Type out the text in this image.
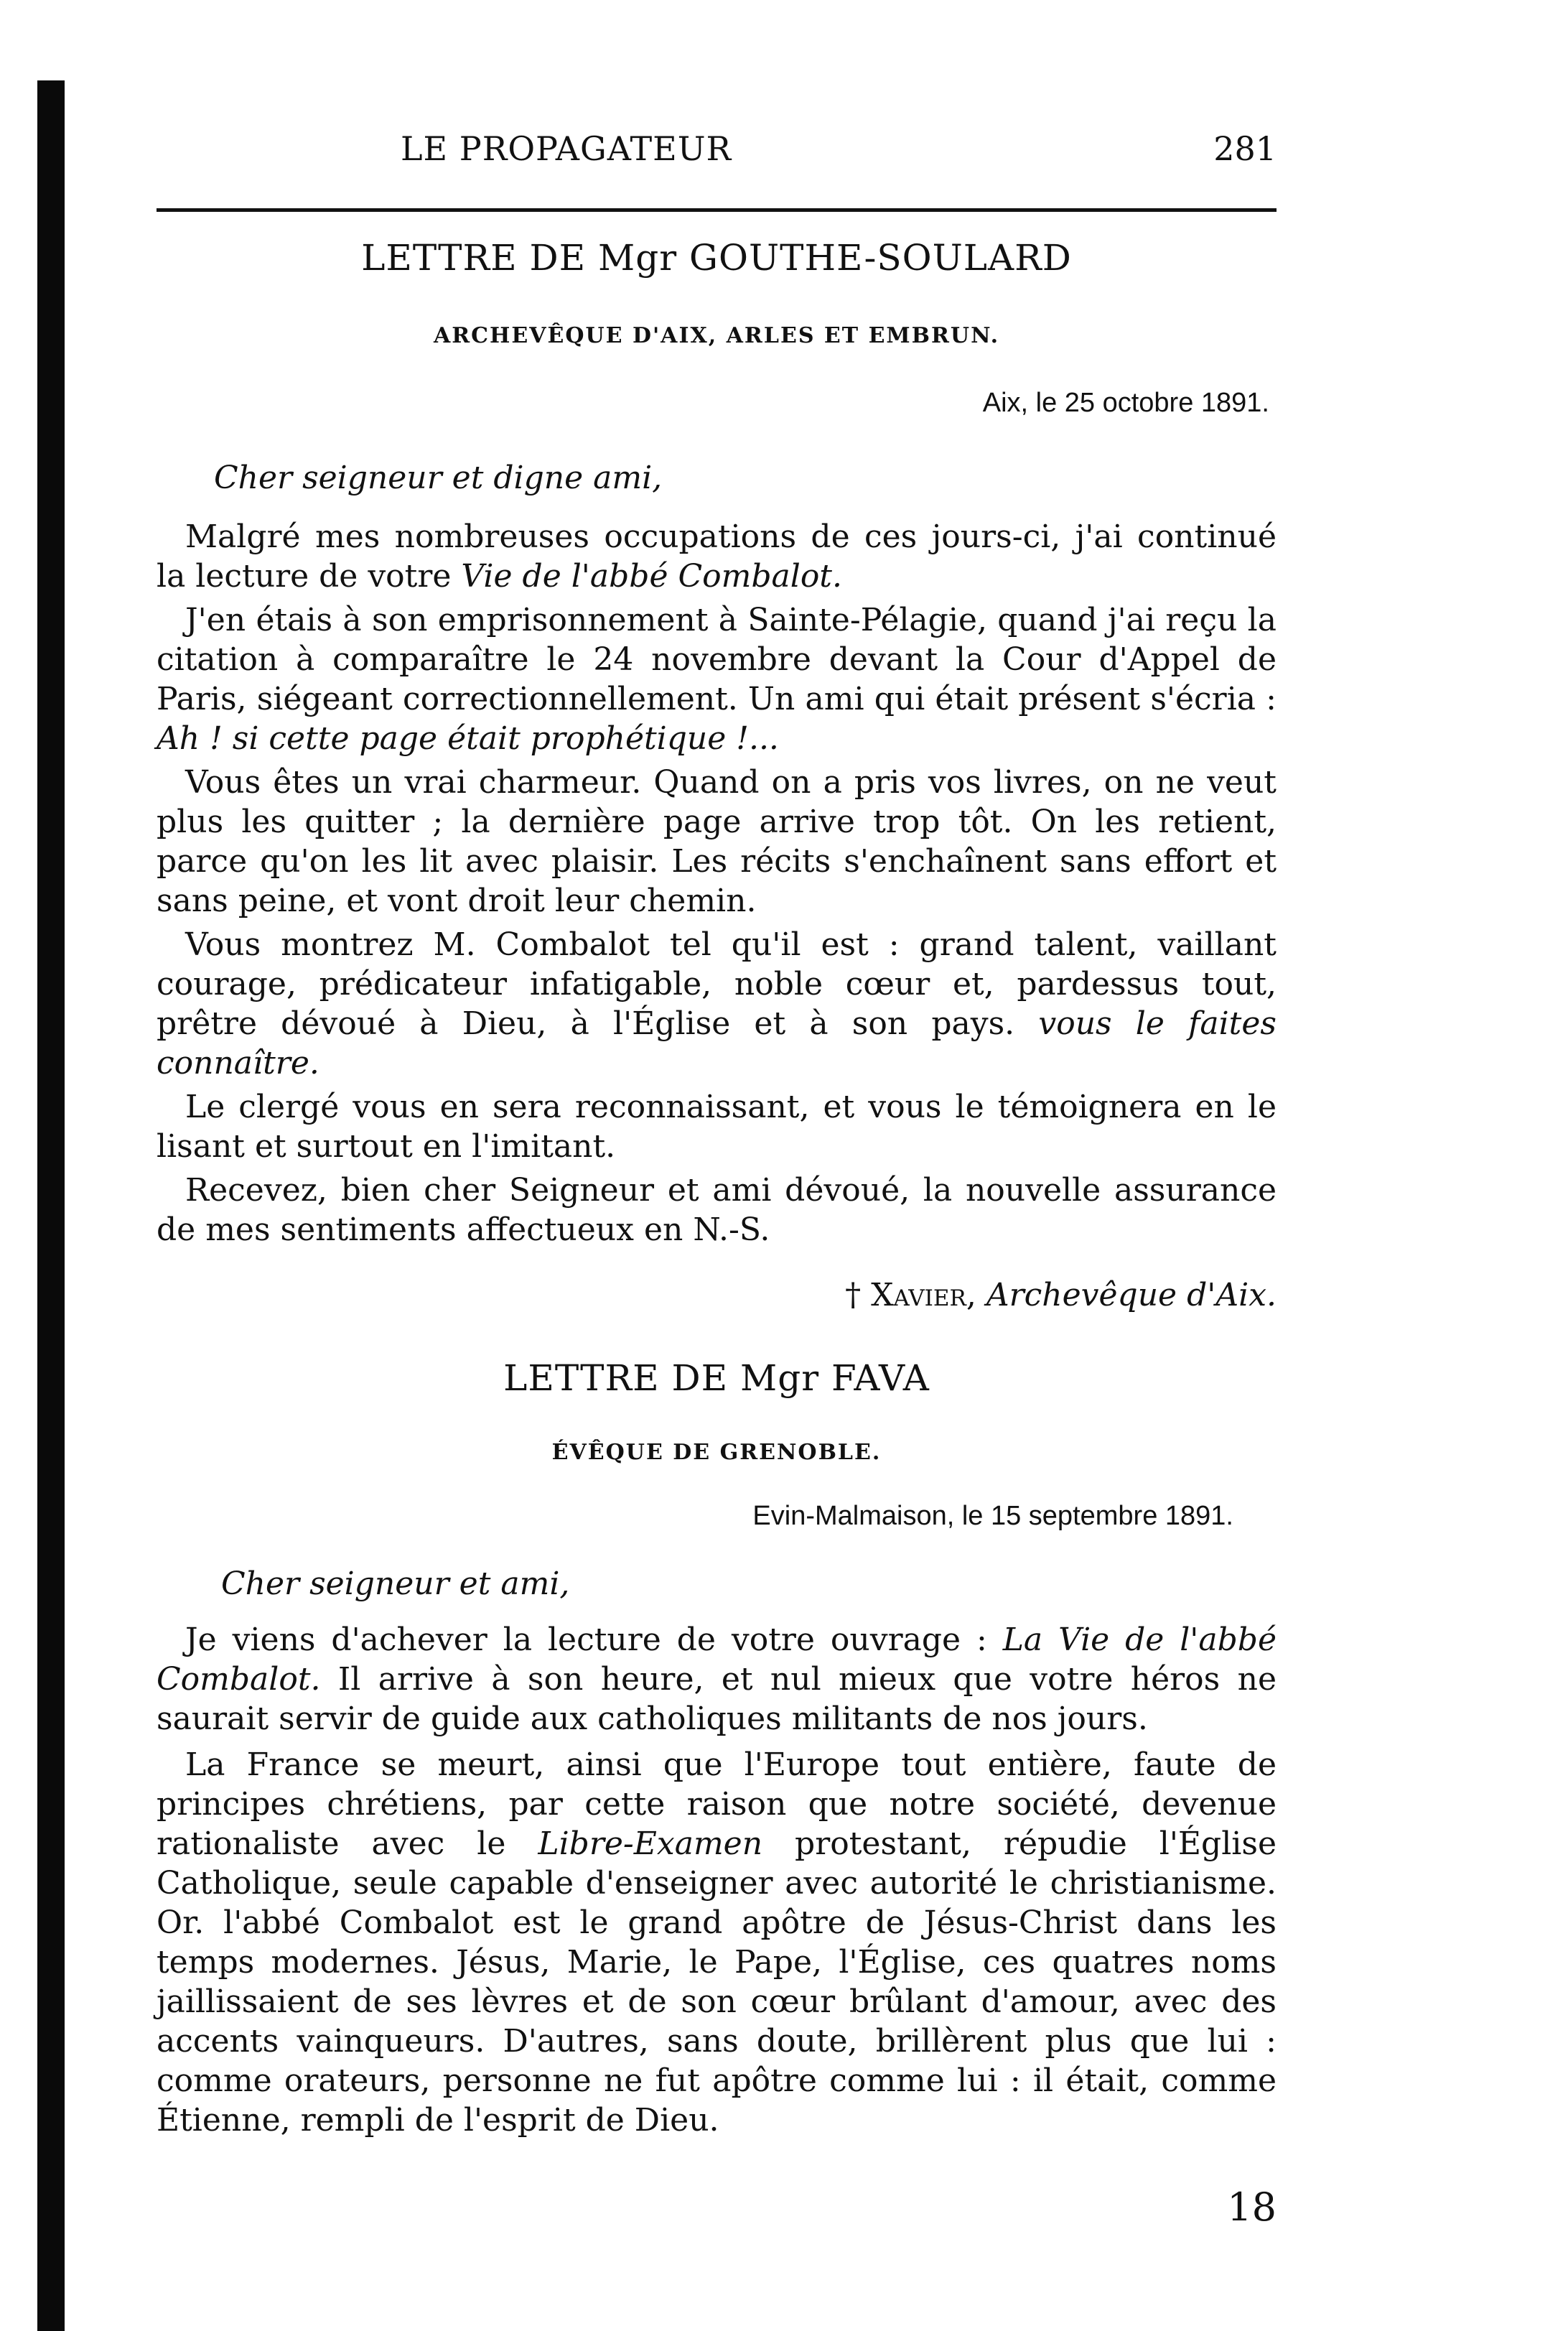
LE PROPAGATEUR	281
LETTRE DE Mgr GOUTHE-SOULARD
ARCHEVÊQUE D'AIX, ARLES ET EMBRUN.
Aix, le 25 octobre 1891.
Cher seigneur et digne ami,

Malgré mes nombreuses occupations de ces jours-ci, j'ai continué la lecture de votre Vie de l'abbé Combalot.

J'en étais à son emprisonnement à Sainte-Pélagie, quand j'ai reçu la citation à comparaître le 24 novembre devant la Cour d'Appel de Paris, siégeant correctionnellement. Un ami qui était présent s'écria : Ah ! si cette page était prophétique !...

Vous êtes un vrai charmeur. Quand on a pris vos livres, on ne veut plus les quitter ; la dernière page arrive trop tôt. On les retient, parce qu'on les lit avec plaisir. Les récits s'enchaînent sans effort et sans peine, et vont droit leur chemin.

Vous montrez M. Combalot tel qu'il est : grand talent, vaillant courage, prédicateur infatigable, noble cœur et, pardessus tout, prêtre dévoué à Dieu, à l'Église et à son pays. vous le faites connaître.

Le clergé vous en sera reconnaissant, et vous le témoignera en le lisant et surtout en l'imitant.

Recevez, bien cher Seigneur et ami dévoué, la nouvelle assurance de mes sentiments affectueux en N.-S.

† Xavier, Archevêque d'Aix.
LETTRE DE Mgr FAVA
ÉVÊQUE DE GRENOBLE.
Evin-Malmaison, le 15 septembre 1891.
Cher seigneur et ami,

Je viens d'achever la lecture de votre ouvrage : La Vie de l'abbé Combalot. Il arrive à son heure, et nul mieux que votre héros ne saurait servir de guide aux catholiques militants de nos jours.

La France se meurt, ainsi que l'Europe tout entière, faute de principes chrétiens, par cette raison que notre société, devenue rationaliste avec le Libre-Examen protestant, répudie l'Église Catholique, seule capable d'enseigner avec autorité le christianisme. Or. l'abbé Combalot est le grand apôtre de Jésus-Christ dans les temps modernes. Jésus, Marie, le Pape, l'Église, ces quatres noms jaillissaient de ses lèvres et de son cœur brûlant d'amour, avec des accents vainqueurs. D'autres, sans doute, brillèrent plus que lui : comme orateurs, personne ne fut apôtre comme lui : il était, comme Étienne, rempli de l'esprit de Dieu.

18
